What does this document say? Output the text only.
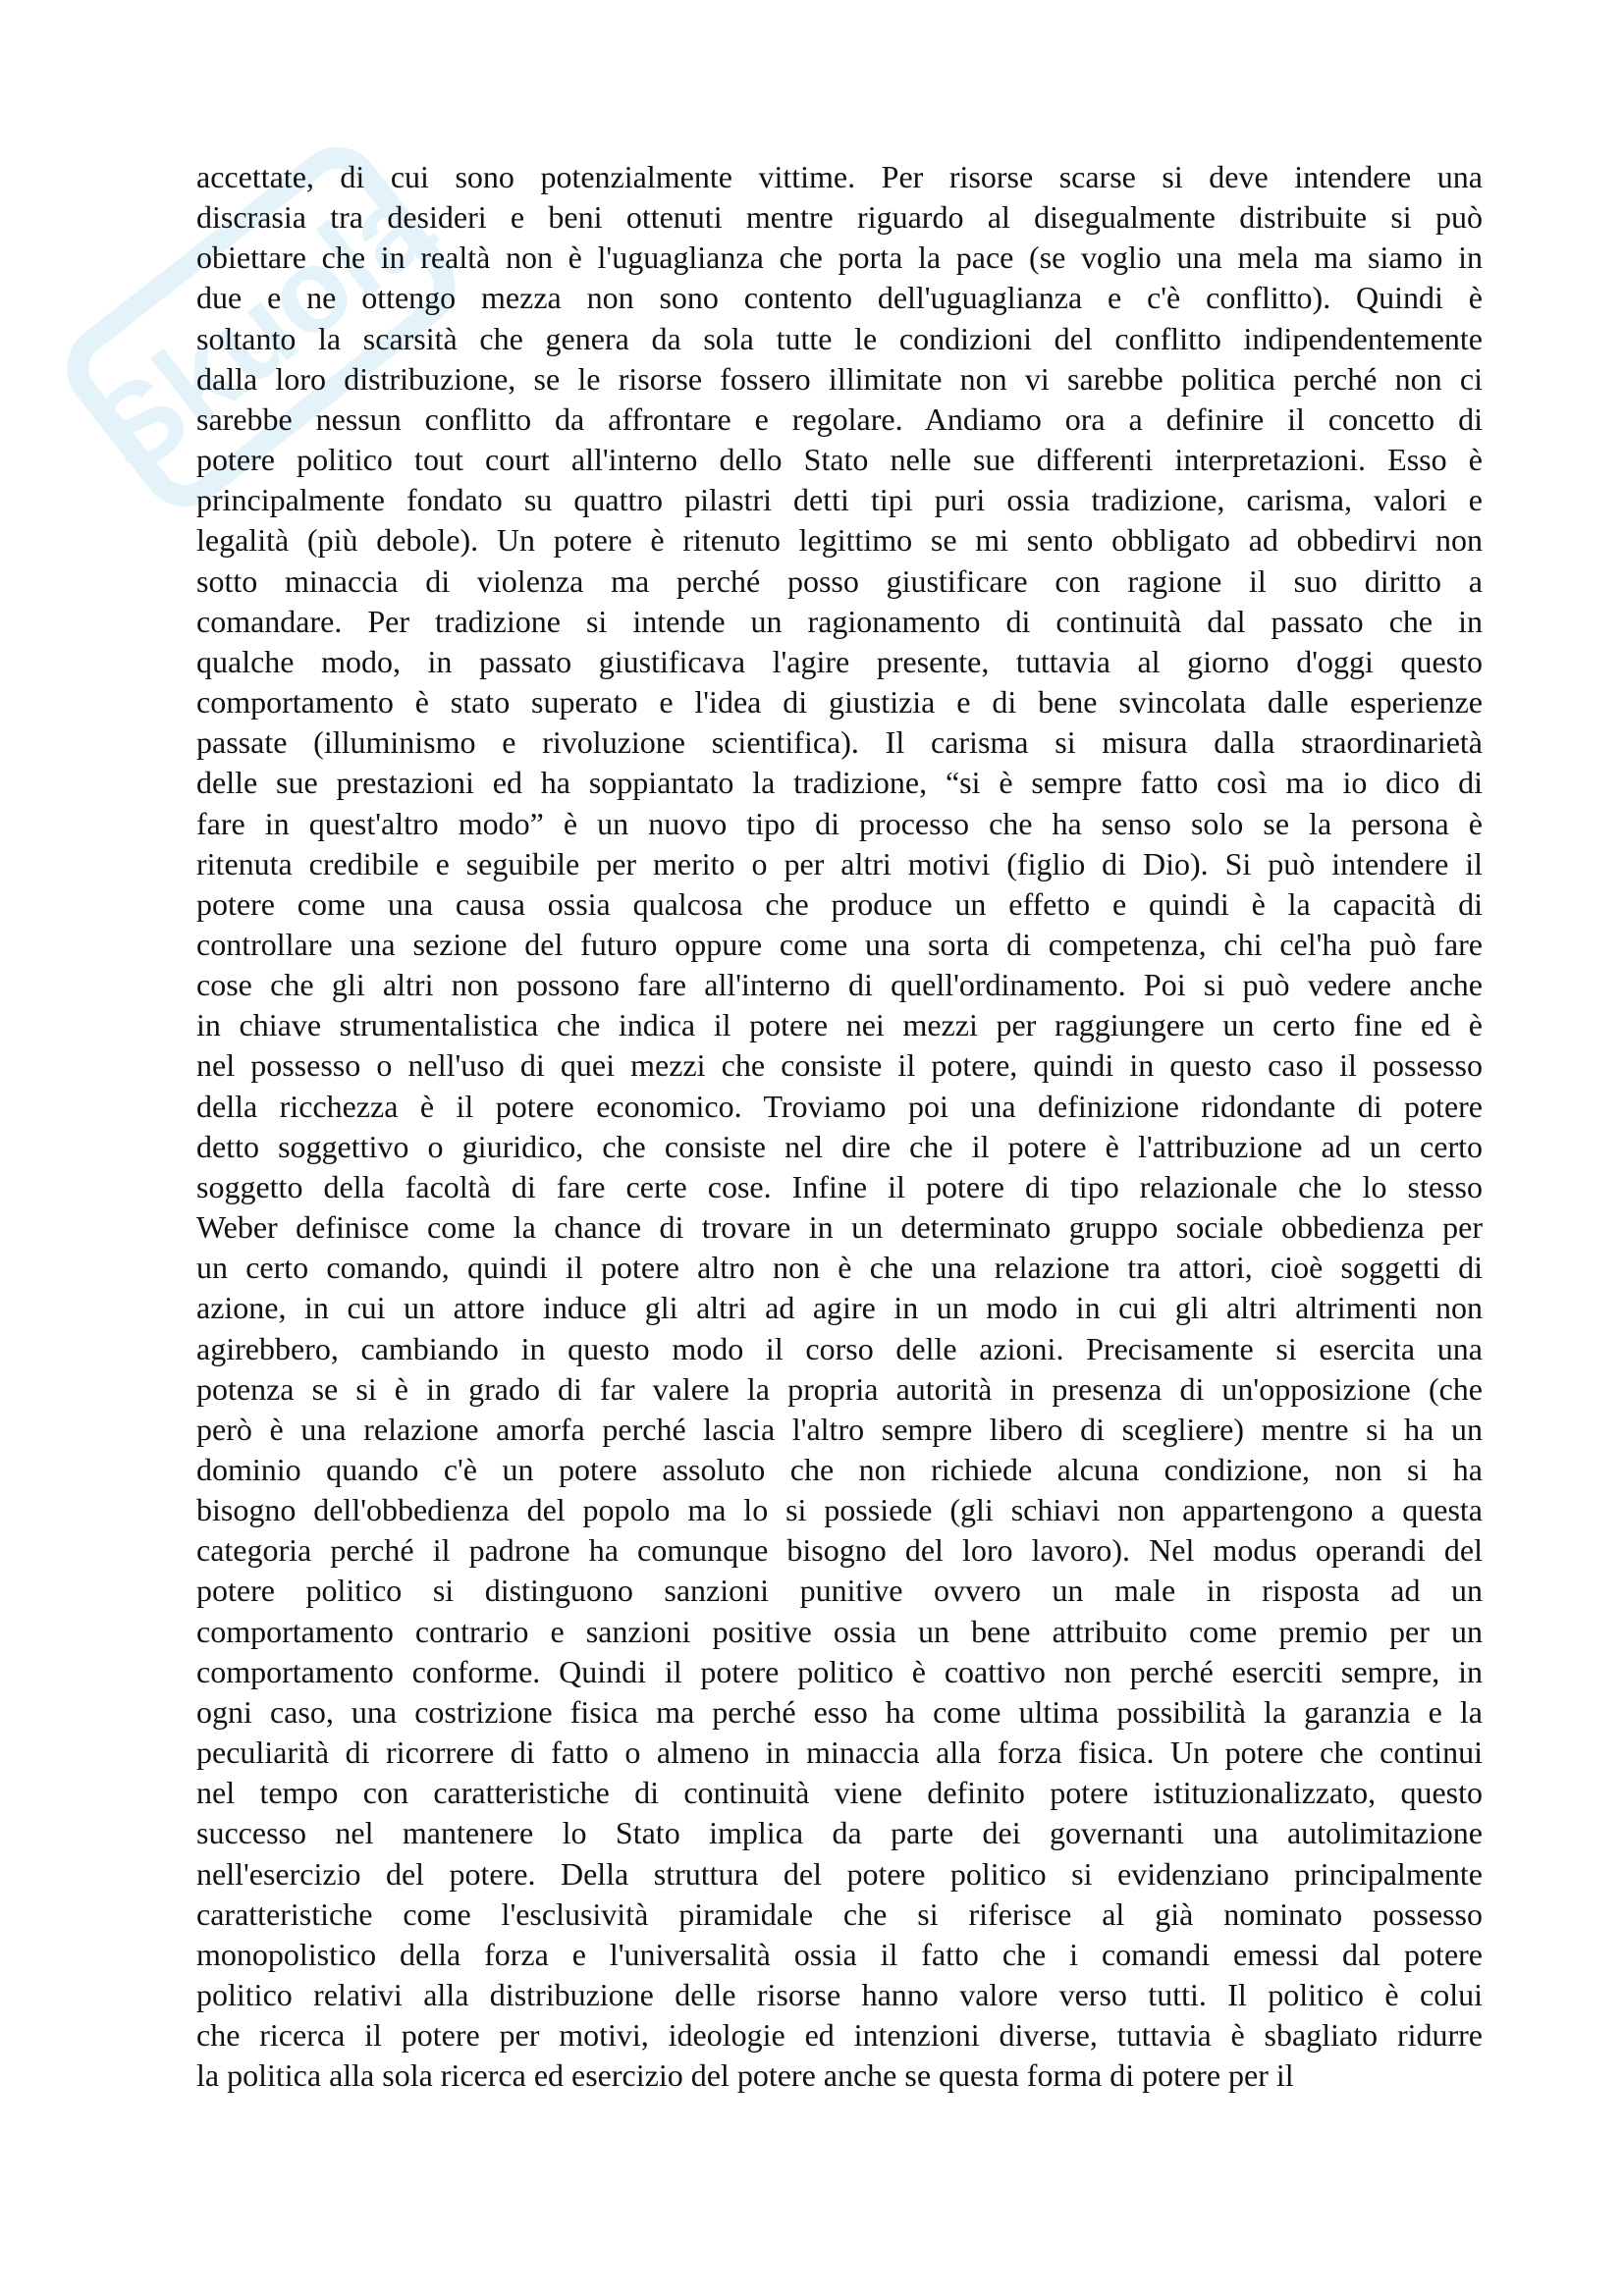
Skuola
accettate, di cui sono potenzialmente vittime. Per risorse scarse si deve intendere una
discrasia tra desideri e beni ottenuti mentre riguardo al disegualmente distribuite si può
obiettare che in realtà non è l'uguaglianza che porta la pace (se voglio una mela ma siamo in
due e ne ottengo mezza non sono contento dell'uguaglianza e c'è conflitto). Quindi è
soltanto la scarsità che genera da sola tutte le condizioni del conflitto indipendentemente
dalla loro distribuzione, se le risorse fossero illimitate non vi sarebbe politica perché non ci
sarebbe nessun conflitto da affrontare e regolare. Andiamo ora a definire il concetto di
potere politico tout court all'interno dello Stato nelle sue differenti interpretazioni. Esso è
principalmente fondato su quattro pilastri detti tipi puri ossia tradizione, carisma, valori e
legalità (più debole). Un potere è ritenuto legittimo se mi sento obbligato ad obbedirvi non
sotto minaccia di violenza ma perché posso giustificare con ragione il suo diritto a
comandare. Per tradizione si intende un ragionamento di continuità dal passato che in
qualche modo, in passato giustificava l'agire presente, tuttavia al giorno d'oggi questo
comportamento è stato superato e l'idea di giustizia e di bene svincolata dalle esperienze
passate (illuminismo e rivoluzione scientifica). Il carisma si misura dalla straordinarietà
delle sue prestazioni ed ha soppiantato la tradizione, “si è sempre fatto così ma io dico di
fare in quest'altro modo” è un nuovo tipo di processo che ha senso solo se la persona è
ritenuta credibile e seguibile per merito o per altri motivi (figlio di Dio). Si può intendere il
potere come una causa ossia qualcosa che produce un effetto e quindi è la capacità di
controllare una sezione del futuro oppure come una sorta di competenza, chi cel'ha può fare
cose che gli altri non possono fare all'interno di quell'ordinamento. Poi si può vedere anche
in chiave strumentalistica che indica il potere nei mezzi per raggiungere un certo fine ed è
nel possesso o nell'uso di quei mezzi che consiste il potere, quindi in questo caso il possesso
della ricchezza è il potere economico. Troviamo poi una definizione ridondante di potere
detto soggettivo o giuridico, che consiste nel dire che il potere è l'attribuzione ad un certo
soggetto della facoltà di fare certe cose. Infine il potere di tipo relazionale che lo stesso
Weber definisce come la chance di trovare in un determinato gruppo sociale obbedienza per
un certo comando, quindi il potere altro non è che una relazione tra attori, cioè soggetti di
azione, in cui un attore induce gli altri ad agire in un modo in cui gli altri altrimenti non
agirebbero, cambiando in questo modo il corso delle azioni. Precisamente si esercita una
potenza se si è in grado di far valere la propria autorità in presenza di un'opposizione (che
però è una relazione amorfa perché lascia l'altro sempre libero di scegliere) mentre si ha un
dominio quando c'è un potere assoluto che non richiede alcuna condizione, non si ha
bisogno dell'obbedienza del popolo ma lo si possiede (gli schiavi non appartengono a questa
categoria perché il padrone ha comunque bisogno del loro lavoro). Nel modus operandi del
potere politico si distinguono sanzioni punitive ovvero un male in risposta ad un
comportamento contrario e sanzioni positive ossia un bene attribuito come premio per un
comportamento conforme. Quindi il potere politico è coattivo non perché eserciti sempre, in
ogni caso, una costrizione fisica ma perché esso ha come ultima possibilità la garanzia e la
peculiarità di ricorrere di fatto o almeno in minaccia alla forza fisica. Un potere che continui
nel tempo con caratteristiche di continuità viene definito potere istituzionalizzato, questo
successo nel mantenere lo Stato implica da parte dei governanti una autolimitazione
nell'esercizio del potere. Della struttura del potere politico si evidenziano principalmente
caratteristiche come l'esclusività piramidale che si riferisce al già nominato possesso
monopolistico della forza e l'universalità ossia il fatto che i comandi emessi dal potere
politico relativi alla distribuzione delle risorse hanno valore verso tutti. Il politico è colui
che ricerca il potere per motivi, ideologie ed intenzioni diverse, tuttavia è sbagliato ridurre
la politica alla sola ricerca ed esercizio del potere anche se questa forma di potere per il
